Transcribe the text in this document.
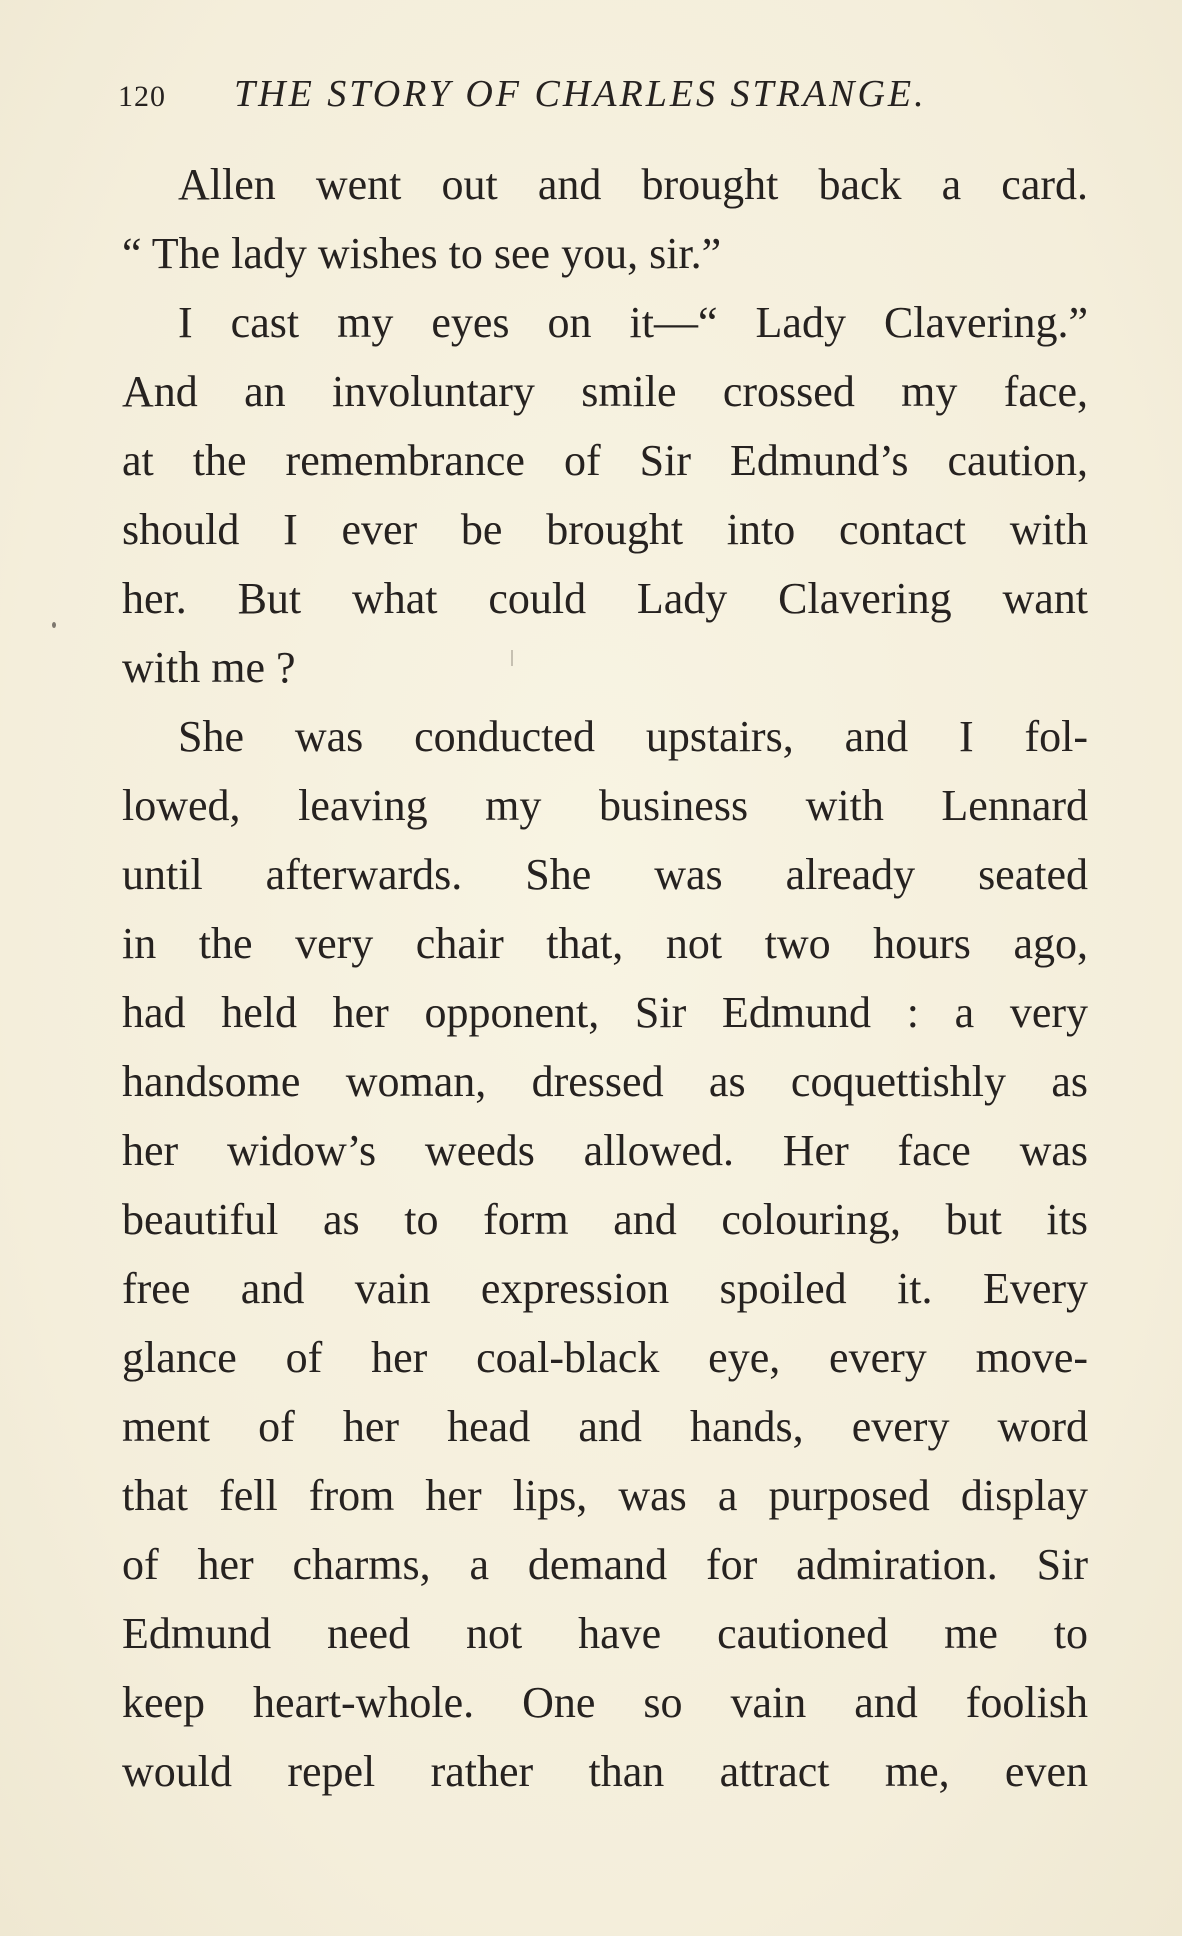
120 THE STORY OF CHARLES STRANGE.
Allen went out and brought back a card.
“ The lady wishes to see you, sir.”
I cast my eyes on it—“ Lady Clavering.”
And an involuntary smile crossed my face,
at the remembrance of Sir Edmund’s caution,
should I ever be brought into contact with
her. But what could Lady Clavering want
with me ?
She was conducted upstairs, and I fol-
lowed, leaving my business with Lennard
until afterwards. She was already seated
in the very chair that, not two hours ago,
had held her opponent, Sir Edmund : a very
handsome woman, dressed as coquettishly as
her widow’s weeds allowed. Her face was
beautiful as to form and colouring, but its
free and vain expression spoiled it. Every
glance of her coal-black eye, every move-
ment of her head and hands, every word
that fell from her lips, was a purposed display
of her charms, a demand for admiration. Sir
Edmund need not have cautioned me to
keep heart-whole. One so vain and foolish
would repel rather than attract me, even
